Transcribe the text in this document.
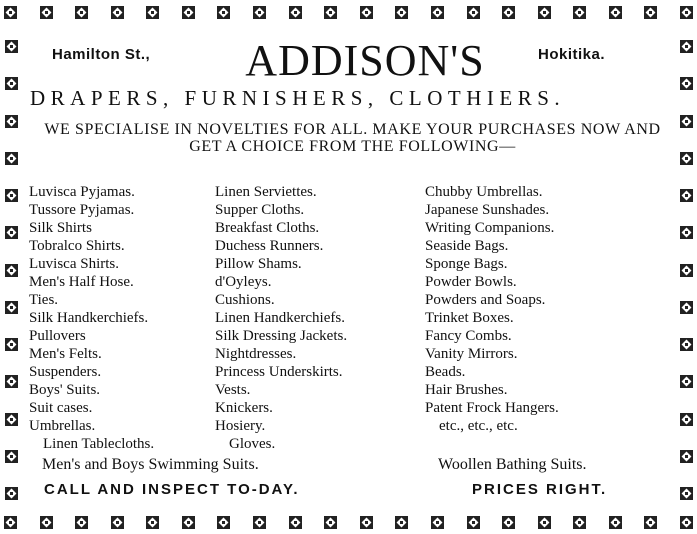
Hamilton St.,	ADDISON'S	Hokitika.
DRAPERS, FURNISHERS, CLOTHIERS.
WE SPECIALISE IN NOVELTIES FOR ALL. MAKE YOUR PURCHASES NOW AND GET A CHOICE FROM THE FOLLOWING—
Luvisca Pyjamas.
Tussore Pyjamas.
Silk Shirts
Tobralco Shirts.
Luvisca Shirts.
Men's Half Hose.
Ties.
Silk Handkerchiefs.
Pullovers
Men's Felts.
Suspenders.
Boys' Suits.
Suit cases.
Umbrellas.
Linen Tablecloths.
Linen Serviettes.
Supper Cloths.
Breakfast Cloths.
Duchess Runners.
Pillow Shams.
d'Oyleys.
Cushions.
Linen Handkerchiefs.
Silk Dressing Jackets.
Nightdresses.
Princess Underskirts.
Vests.
Knickers.
Hosiery.
Gloves.
Chubby Umbrellas.
Japanese Sunshades.
Writing Companions.
Seaside Bags.
Sponge Bags.
Powder Bowls.
Powders and Soaps.
Trinket Boxes.
Fancy Combs.
Vanity Mirrors.
Beads.
Hair Brushes.
Patent Frock Hangers.
etc., etc., etc.
Men's and Boys Swimming Suits.	Woollen Bathing Suits.
CALL AND INSPECT TO-DAY.	PRICES RIGHT.
